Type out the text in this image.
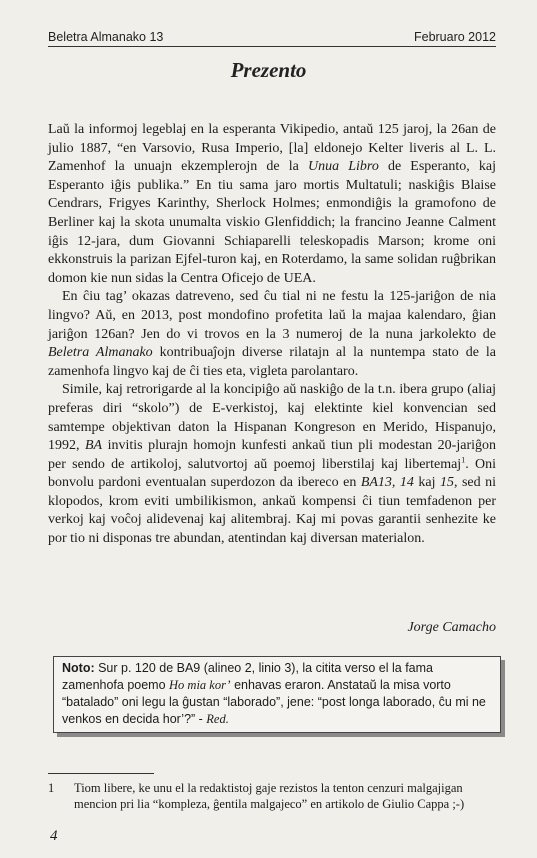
Beletra Almanako 13	Februaro 2012
Prezento

Laŭ la informoj legeblaj en la esperanta Vikipedio, antaŭ 125 jaroj, la 26an de julio 1887, “en Varsovio, Rusa Imperio, [la] eldonejo Kelter liveris al L. L. Zamenhof la unuajn ekzemplerojn de la Unua Libro de Esperanto, kaj Esperanto iĝis publika.” En tiu sama jaro mortis Multatuli; naskiĝis Blaise Cendrars, Frigyes Karinthy, Sherlock Holmes; enmondiĝis la gramofono de Berliner kaj la skota unumalta viskio Glenfiddich; la francino Jeanne Calment iĝis 12-jara, dum Giovanni Schiaparelli teleskopadis Marson; krome oni ekkonstruis la parizan Ejfel-turon kaj, en Roterdamo, la same solidan ruĝbrikan domon kie nun sidas la Centra Oficejo de UEA.

En ĉiu tag’ okazas datreveno, sed ĉu tial ni ne festu la 125-jariĝon de nia lingvo? Aŭ, en 2013, post mondofino profetita laŭ la majaa kalendaro, ĝian jariĝon 126an? Jen do vi trovos en la 3 numeroj de la nuna jarkolekto de Beletra Almanako kontribuaĵojn diverse rilatajn al la nuntempa stato de la zamenhofa lingvo kaj de ĉi ties eta, vigleta parolantaro.

Simile, kaj retrorigarde al la koncipiĝo aŭ naskiĝo de la t.n. ibera grupo (aliaj preferas diri “skolo”) de E-verkistoj, kaj elektinte kiel konvencian sed samtempe objektivan daton la Hispanan Kongreson en Merido, Hispanujo, 1992, BA invitis plurajn homojn kunfesti ankaŭ tiun pli modestan 20-jariĝon per sendo de artikoloj, salutvortoj aŭ poemoj liberstilaj kaj libertemaj$^1$. Oni bonvolu pardoni eventualan superdozon da ibereco en BA13, 14 kaj 15, sed ni klopodos, krom eviti umbilikismon, ankaŭ kompensi ĉi tiun temfadenon per verkoj kaj voĉoj alidevenaj kaj alitembraj. Kaj mi povas garantii senhezite ke por tio ni disponas tre abundan, atentindan kaj diversan materialon.

Jorge Camacho
Noto: Sur p. 120 de BA9 (alineo 2, linio 3), la citita verso el la fama zamenhofa poemo Ho mia kor’ enhavas eraron. Anstataŭ la misa vorto “batalado” oni legu la ĝustan “laborado”, jene: “post longa laborado, ĉu mi ne venkos en decida hor’?” - Red.
1	Tiom libere, ke unu el la redaktistoj gaje rezistos la tenton cenzuri malgajigan mencion pri lia “kompleza, ĝentila malgajeco” en artikolo de Giulio Cappa ;-)
4
